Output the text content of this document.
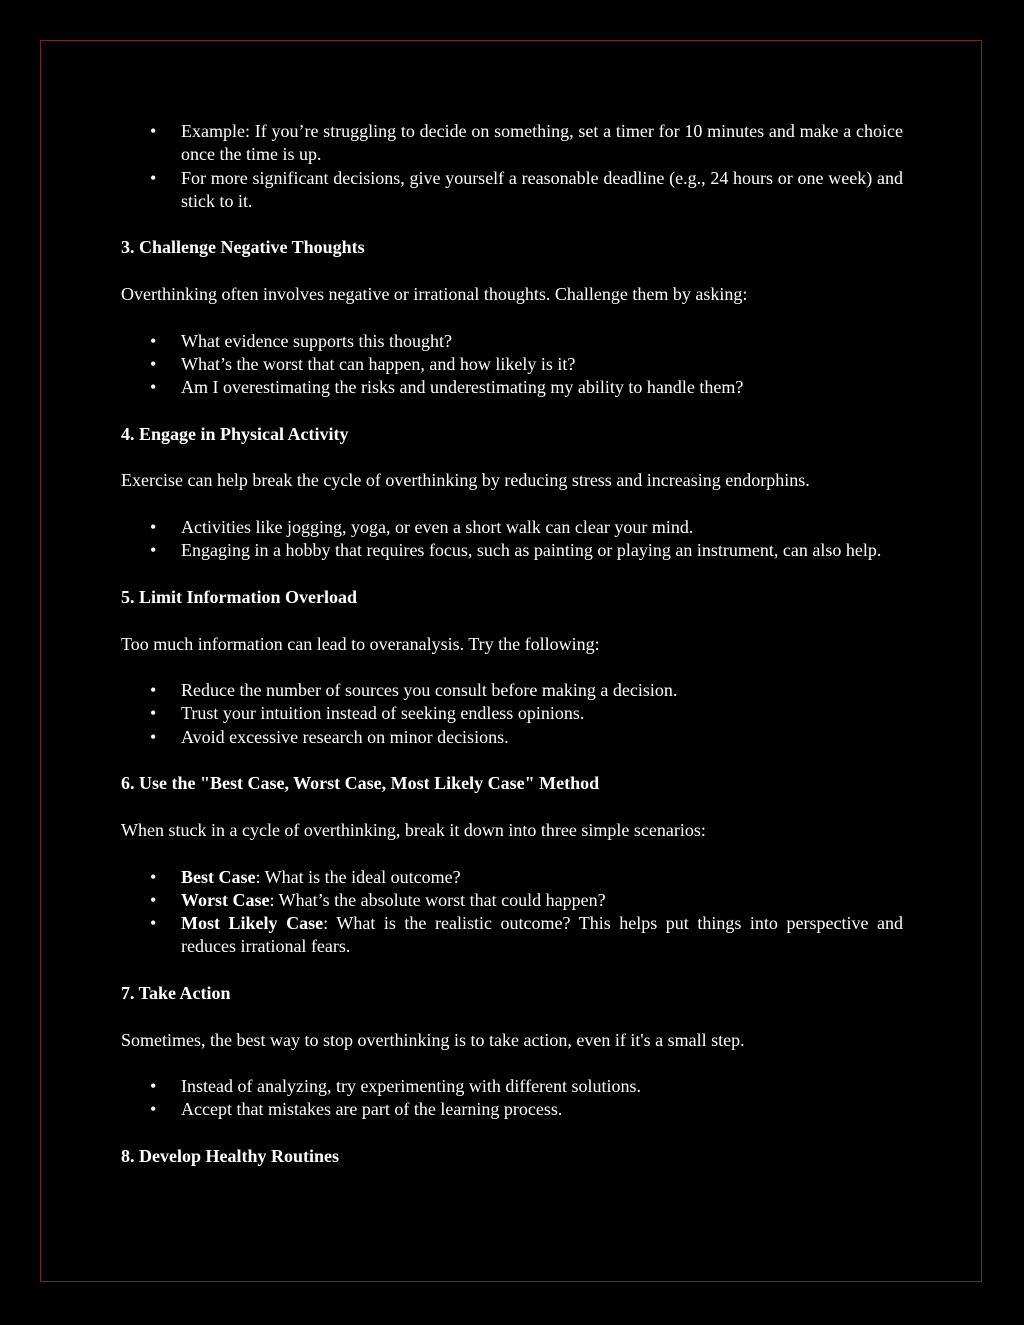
• Example: If you’re struggling to decide on something, set a timer for 10 minutes and make a choice once the time is up.
• For more significant decisions, give yourself a reasonable deadline (e.g., 24 hours or one week) and stick to it.
3. Challenge Negative Thoughts

Overthinking often involves negative or irrational thoughts. Challenge them by asking:

• What evidence supports this thought?
• What’s the worst that can happen, and how likely is it?
• Am I overestimating the risks and underestimating my ability to handle them?
4. Engage in Physical Activity

Exercise can help break the cycle of overthinking by reducing stress and increasing endorphins.

• Activities like jogging, yoga, or even a short walk can clear your mind.
• Engaging in a hobby that requires focus, such as painting or playing an instrument, can also help.
5. Limit Information Overload

Too much information can lead to overanalysis. Try the following:

• Reduce the number of sources you consult before making a decision.
• Trust your intuition instead of seeking endless opinions.
• Avoid excessive research on minor decisions.
6. Use the "Best Case, Worst Case, Most Likely Case" Method

When stuck in a cycle of overthinking, break it down into three simple scenarios:

• Best Case: What is the ideal outcome?
• Worst Case: What’s the absolute worst that could happen?
• Most Likely Case: What is the realistic outcome? This helps put things into perspective and reduces irrational fears.
7. Take Action

Sometimes, the best way to stop overthinking is to take action, even if it's a small step.

• Instead of analyzing, try experimenting with different solutions.
• Accept that mistakes are part of the learning process.
8. Develop Healthy Routines
